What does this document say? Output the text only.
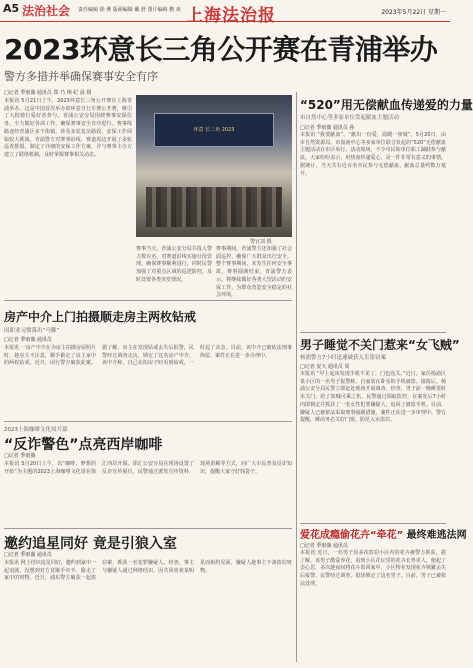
A5 法治社会 责任编辑 徐 燕 版面编辑 戴 舒 图片编辑 楷 欢 上海法治报	2023年5月22日 星期一
2023环意长三角公开赛在青浦举办
警方多措并举确保赛事安全有序
□记者 季雨薇 通讯员 郑 乃 翔 纪 晨 摄
本报讯 5月21日上午，2023环意长三角公开赛在上海青浦举办。这是中国首次举办的环意自行车赛公开赛，吸引了大批骑行爱好者参与。青浦公安分局围绕赛事安保任务，全力做好各项工作，确保赛事安全有序进行。赛事线路途经青浦区多个街镇，涉及多处复杂路段，安保工作面临较大挑战。青浦警方对赛事沿线、赛道周边开展了多轮巡查排摸，制定了详细的安保工作方案，并与赛事主办方建立了联络机制，及时掌握赛事相关动态。
环意 长三角 2023
警官刘 摄
赛事当天，青浦公安分局共投入警力数百名，对赛道沿线实施分段管理，确保赛事顺利进行。同时民警加强了对重点区域的巡逻防控，及时处置各类突发情况。
赛事期间，青浦警方还加强了社会面巡控，确保广大群众出行安全。整个赛事期间，未发生任何安全事故，赛事圆满结束。青浦警方表示，将继续做好各类大型活动的安保工作，为群众营造安全稳定的社会环境。
“520”用无偿献血传递爱的力量
市自然中心等多家单位发起献血主题活动
□记者 季雨薇 通讯员 孙
本报讯 “我要献血”、“献出一份爱，温暖一座城”，5月20日，由市自然资源局、市血液中心等多家单位联合发起的“520”无偿献血主题活动在市区举行。活动现场，不少市民和单位职工踊跃参与献血。大家纷纷表示，用热血传递爱心，是一件非常有意义的事情。据统计，当天共有近百名市民参与无偿献血，献血总量约数万毫升。
男子睡觉不关门惹来“女飞贼”
杨浦警方7小时迅速破获入室盗窃案
□记者 夏天 通讯员 周
本报讯 “早上起床发现手机不见了，门也没关。”近日，家住杨浦区某小区的一名男子报警称，自家放在卧室的手机被盗。接报后，杨浦公安分局民警立即赶赴现场开展调查。经查，男子前一晚睡觉时未关门，给了盗贼可乘之机。民警通过调取监控，在案发后7小时内即锁定并抓获了一名女性犯罪嫌疑人，追回了被盗手机。目前，嫌疑人已被依法采取刑事强制措施，案件正在进一步审理中。警方提醒，睡前务必关好门窗，防范入室盗窃。
房产中介上门拍摄顺走房主两枚钻戒
因职业习惯落出“马脚”
□记者 季雨薇 通讯员
本报讯 一房产中介在为房主拍摄房屋照片时，趁房主不注意，顺手偷走了房主家中的两枚钻戒。近日，闵行警方破获此案。据了解，房主在发现钻戒丢失后报警，民警经过调查走访，锁定了这名房产中介。该中介称，自己在拍房子时看到钻戒，一时起了贪念。目前，该中介已被依法刑事拘留，案件正在进一步办理中。
2023上海咖啡文化周开幕
“反诈警色”点亮西岸咖啡
□记者 季雨薇
本报讯 5月20日上午，以“咖啡，梦想的开始”为主题的2023上海咖啡文化周在徐汇西岸开幕。徐汇公安分局在现场设置了反诈宣传展位，民警通过派发宣传资料、现场讲解等方式，向广大市民普及反诈知识，提醒大家守好钱袋子。
爱花成瘾偷花卉“牵花” 最终难逃法网
□记者 季雨薇 通讯员
本报讯 近日，一名男子因多次盗窃小区内的花卉被警方抓获。据了解，该男子酷爱养花，看到小区花坛里的花卉长势喜人，便起了歪心思，多次趁夜间将花卉盗回家中。小区物业发现花卉频繁丢失后报警。民警经过调查，很快锁定了这名男子。目前，男子已被依法处理。
邀约追星同好 竟是引狼入室
□记者 季雨薇 通讯员
本报讯 网上结识追星同好，邀约到家中一起追剧，没想到对方竟顺手牵羊，偷走了家中的财物。近日，浦东警方破获一起盗窃案，抓获一名犯罪嫌疑人。经查，事主与嫌疑人通过网络结识，因共同喜欢某明星而相约见面，嫌疑人趁事主不备盗窃财物。
